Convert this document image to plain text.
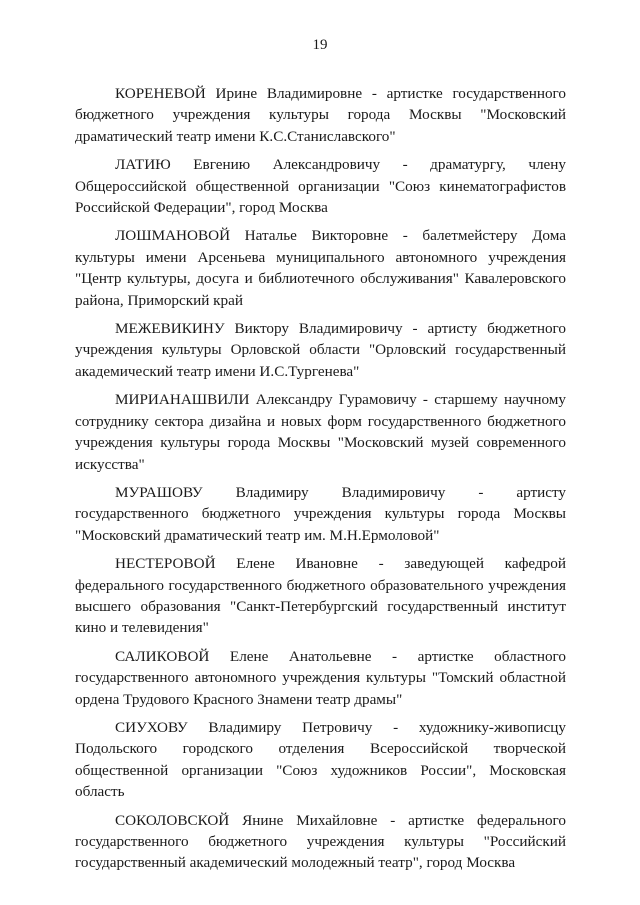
19

КОРЕНЕВОЙ Ирине Владимировне - артистке государственного бюджетного учреждения культуры города Москвы "Московский драматический театр имени К.С.Станиславского"

ЛАТИЮ Евгению Александровичу - драматургу, члену Общероссийской общественной организации "Союз кинематографистов Российской Федерации", город Москва

ЛОШМАНОВОЙ Наталье Викторовне - балетмейстеру Дома культуры имени Арсеньева муниципального автономного учреждения "Центр культуры, досуга и библиотечного обслуживания" Кавалеровского района, Приморский край

МЕЖЕВИКИНУ Виктору Владимировичу - артисту бюджетного учреждения культуры Орловской области "Орловский государственный академический театр имени И.С.Тургенева"

МИРИАНАШВИЛИ Александру Гурамовичу - старшему научному сотруднику сектора дизайна и новых форм государственного бюджетного учреждения культуры города Москвы "Московский музей современного искусства"

МУРАШОВУ Владимиру Владимировичу - артисту государственного бюджетного учреждения культуры города Москвы "Московский драматический театр им. М.Н.Ермоловой"

НЕСТЕРОВОЙ Елене Ивановне - заведующей кафедрой федерального государственного бюджетного образовательного учреждения высшего образования "Санкт-Петербургский государственный институт кино и телевидения"

САЛИКОВОЙ Елене Анатольевне - артистке областного государственного автономного учреждения культуры "Томский областной ордена Трудового Красного Знамени театр драмы"

СИУХОВУ Владимиру Петровичу - художнику-живописцу Подольского городского отделения Всероссийской творческой общественной организации "Союз художников России", Московская область

СОКОЛОВСКОЙ Янине Михайловне - артистке федерального государственного бюджетного учреждения культуры "Российский государственный академический молодежный театр", город Москва
